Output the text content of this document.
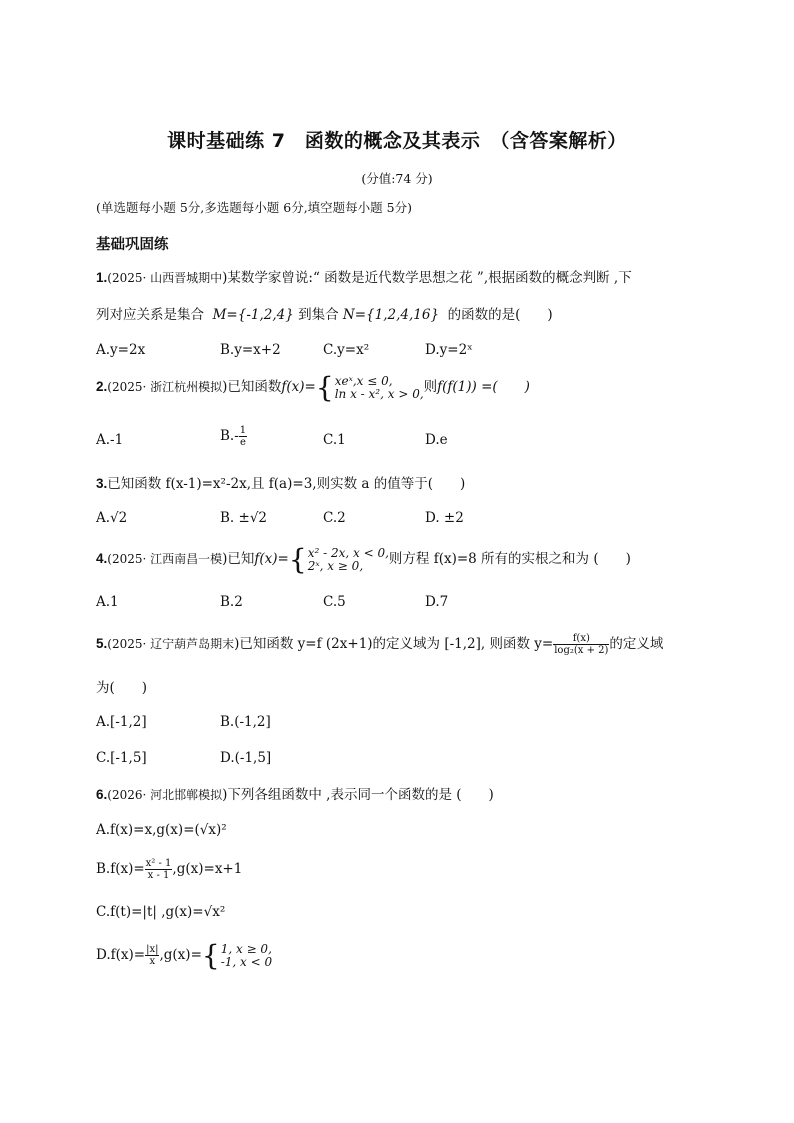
课时基础练 7　函数的概念及其表示　（含答案解析）
(分值:74 分)
(单选题每小题 5分,多选题每小题 6分,填空题每小题 5分)
基础巩固练
1.(2025· 山西晋城期中)某数学家曾说:“ 函数是近代数学思想之花 ”,根据函数的概念判断 ,下
列对应关系是集合 M={-1,2,4} 到集合 N={1,2,4,16} 的函数的是(　　)
A.y=2x	B.y=x+2	C.y=x²	D.y=2ˣ
2.(2025· 浙江杭州模拟)已知函数f(x)={ xeˣ,x ≤ 0,
ln x - x², x > 0, 则f(f(1)) =(　　)
A.-1	$B.- \frac{1}{e}$	C.1	D.e
3.已知函数 f(x-1)=x²-2x,且 f(a)=3,则实数 a 的值等于(　　)
A.√2	B. ±√2	C.2	D. ±2
4.(2025· 江西南昌一模)已知f(x)={ x² - 2x, x < 0,
2ˣ, x ≥ 0,	则方程 f(x)=8 所有的实根之和为 (　　)
A.1	B.2	C.5	D.7
5.(2025· 辽宁葫芦岛期末)已知函数 y=f (2x+1)的定义域为 [-1,2], 则函数 $y= \frac{f(x)}{\text{log₂(x + 2)}}$ 的定义域
为(　　)
A.[-1,2]	B.(-1,2]
C.[-1,5]	D.(-1,5]
6.(2026· 河北邯郸模拟)下列各组函数中 ,表示同一个函数的是 (　　)
A.f(x)=x,g(x)=(√x)²
$B.f(x)= \frac{\text{x² - 1}}{x - 1} ,g(x)=x+1$
C.f(t)=|t| ,g(x)=√x²
$D.f(x)= \frac{|x|}{x} ,g(x)=${ 1, x ≥ 0,
-1, x < 0
